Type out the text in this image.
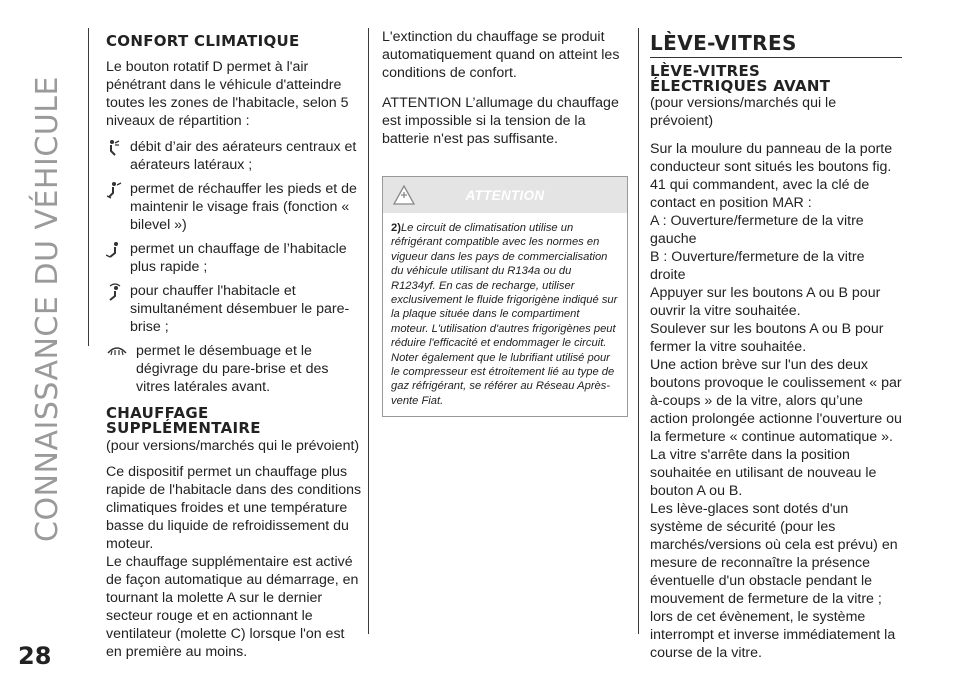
CONNAISSANCE DU VÉHICULE
28
CONFORT CLIMATIQUE

Le bouton rotatif D permet à l'air pénétrant dans le véhicule d'atteindre toutes les zones de l'habitacle, selon 5 niveaux de répartition :

débit d’air des aérateurs centraux et aérateurs latéraux ;
permet de réchauffer les pieds et de maintenir le visage frais (fonction « bilevel »)
permet un chauffage de l’habitacle plus rapide ;
pour chauffer l'habitacle et simultanément désembuer le pare-brise ;
permet le désembuage et le dégivrage du pare-brise et des vitres latérales avant.
CHAUFFAGE
SUPPLÉMENTAIRE

(pour versions/marchés qui le prévoient)

Ce dispositif permet un chauffage plus rapide de l'habitacle dans des conditions climatiques froides et une température basse du liquide de refroidissement du moteur.

Le chauffage supplémentaire est activé de façon automatique au démarrage, en tournant la molette A sur le dernier secteur rouge et en actionnant le ventilateur (molette C) lorsque l'on est en première au moins.

L'extinction du chauffage se produit automatiquement quand on atteint les conditions de confort.

ATTENTION L’allumage du chauffage est impossible si la tension de la batterie n'est pas suffisante.

ATTENTION
2)Le circuit de climatisation utilise un réfrigérant compatible avec les normes en vigueur dans les pays de commercialisation du véhicule utilisant du R134a ou du R1234yf. En cas de recharge, utiliser exclusivement le fluide frigorigène indiqué sur la plaque située dans le compartiment moteur. L'utilisation d'autres frigorigènes peut réduire l'efficacité et endommager le circuit. Noter également que le lubrifiant utilisé pour le compresseur est étroitement lié au type de gaz réfrigérant, se référer au Réseau Après-vente Fiat.
LÈVE-VITRES
LÈVE-VITRES
ÉLECTRIQUES AVANT

(pour versions/marchés qui le prévoient)

Sur la moulure du panneau de la porte conducteur sont situés les boutons fig. 41 qui commandent, avec la clé de contact en position MAR :

A : Ouverture/fermeture de la vitre gauche

B : Ouverture/fermeture de la vitre droite

Appuyer sur les boutons A ou B pour ouvrir la vitre souhaitée.

Soulever sur les boutons A ou B pour fermer la vitre souhaitée.

Une action brève sur l'un des deux boutons provoque le coulissement « par à-coups » de la vitre, alors qu’une action prolongée actionne l'ouverture ou la fermeture « continue automatique ». La vitre s'arrête dans la position souhaitée en utilisant de nouveau le bouton A ou B.

Les lève-glaces sont dotés d'un système de sécurité (pour les marchés/versions où cela est prévu) en mesure de reconnaître la présence éventuelle d'un obstacle pendant le mouvement de fermeture de la vitre ; lors de cet évènement, le système interrompt et inverse immédiatement la course de la vitre.
